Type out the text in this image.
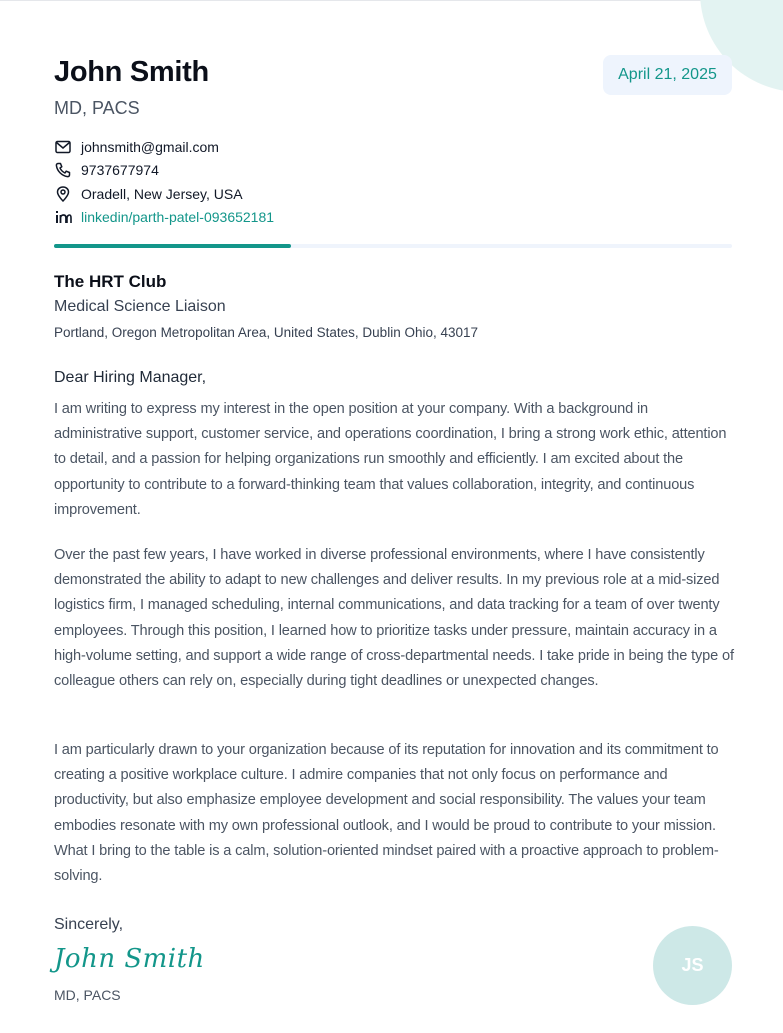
John Smith
MD, PACS
April 21, 2025
johnsmith@gmail.com
9737677974
Oradell, New Jersey, USA
linkedin/parth-patel-093652181
The HRT Club
Medical Science Liaison
Portland, Oregon Metropolitan Area, United States, Dublin Ohio, 43017
Dear Hiring Manager,

I am writing to express my interest in the open position at your company. With a background in administrative support, customer service, and operations coordination, I bring a strong work ethic, attention to detail, and a passion for helping organizations run smoothly and efficiently. I am excited about the opportunity to contribute to a forward-thinking team that values collaboration, integrity, and continuous improvement.

Over the past few years, I have worked in diverse professional environments, where I have consistently demonstrated the ability to adapt to new challenges and deliver results. In my previous role at a mid-sized logistics firm, I managed scheduling, internal communications, and data tracking for a team of over twenty employees. Through this position, I learned how to prioritize tasks under pressure, maintain accuracy in a high-volume setting, and support a wide range of cross-departmental needs. I take pride in being the type of colleague others can rely on, especially during tight deadlines or unexpected changes.

I am particularly drawn to your organization because of its reputation for innovation and its commitment to creating a positive workplace culture. I admire companies that not only focus on performance and productivity, but also emphasize employee development and social responsibility. The values your team embodies resonate with my own professional outlook, and I would be proud to contribute to your mission. What I bring to the table is a calm, solution-oriented mindset paired with a proactive approach to problem-solving.

Sincerely,
John Smith
MD, PACS
JS
